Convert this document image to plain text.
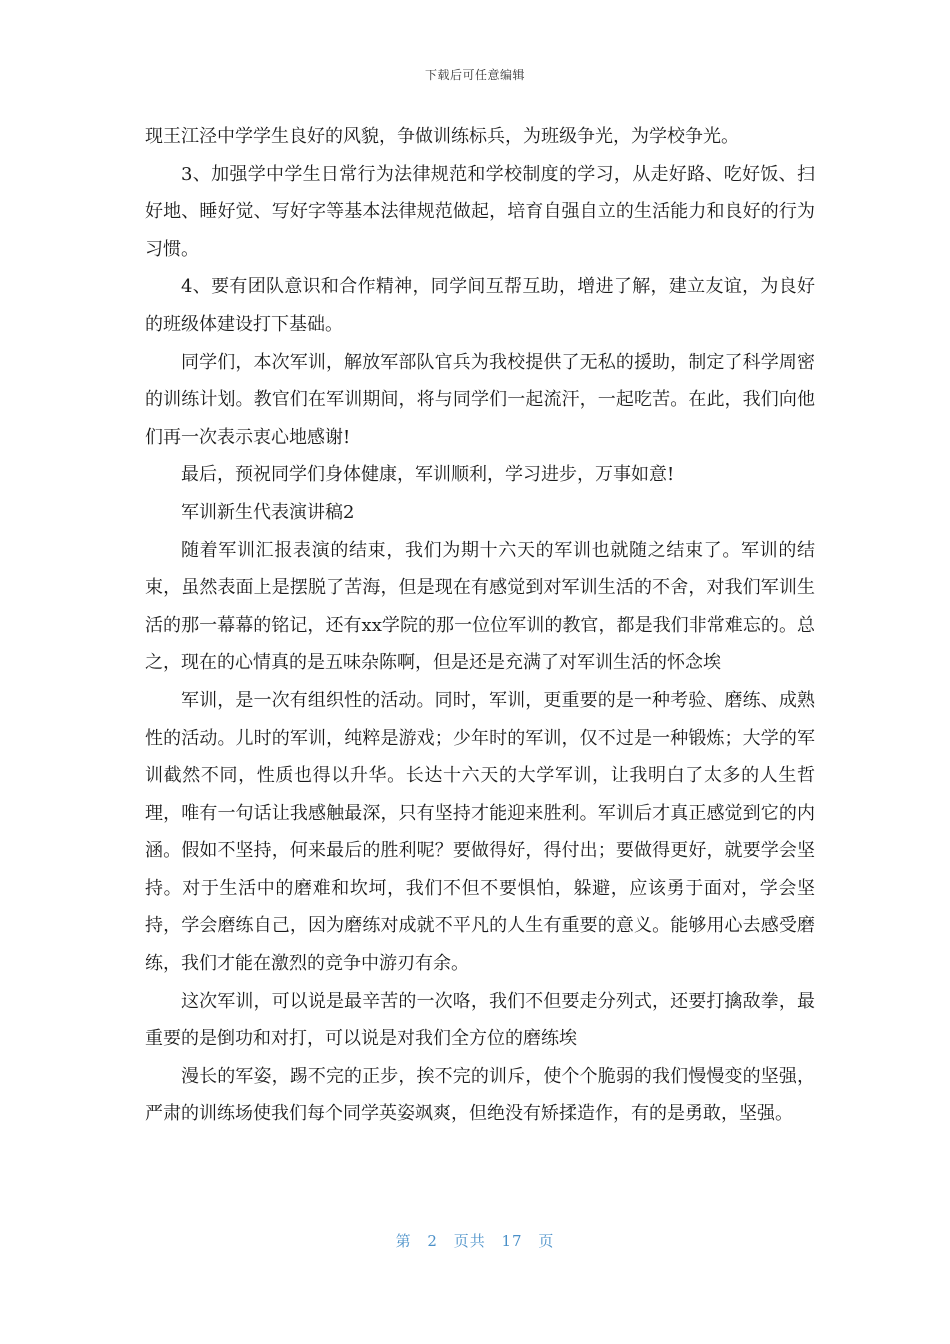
下载后可任意编辑

现王江泾中学学生良好的风貌，争做训练标兵，为班级争光，为学校争光。

3、加强学中学生日常行为法律规范和学校制度的学习，从走好路、吃好饭、扫好地、睡好觉、写好字等基本法律规范做起，培育自强自立的生活能力和良好的行为习惯。

4、要有团队意识和合作精神，同学间互帮互助，增进了解，建立友谊，为良好的班级体建设打下基础。

同学们，本次军训，解放军部队官兵为我校提供了无私的援助，制定了科学周密的训练计划。教官们在军训期间，将与同学们一起流汗，一起吃苦。在此，我们向他们再一次表示衷心地感谢!

最后，预祝同学们身体健康，军训顺利，学习进步，万事如意!

军训新生代表演讲稿2

随着军训汇报表演的结束，我们为期十六天的军训也就随之结束了。军训的结束，虽然表面上是摆脱了苦海，但是现在有感觉到对军训生活的不舍，对我们军训生活的那一幕幕的铭记，还有xx学院的那一位位军训的教官，都是我们非常难忘的。总之，现在的心情真的是五味杂陈啊，但是还是充满了对军训生活的怀念埃

军训，是一次有组织性的活动。同时，军训，更重要的是一种考验、磨练、成熟性的活动。儿时的军训，纯粹是游戏；少年时的军训，仅不过是一种锻炼；大学的军训截然不同，性质也得以升华。长达十六天的大学军训，让我明白了太多的人生哲理，唯有一句话让我感触最深，只有坚持才能迎来胜利。军训后才真正感觉到它的内涵。假如不坚持，何来最后的胜利呢？要做得好，得付出；要做得更好，就要学会坚持。对于生活中的磨难和坎坷，我们不但不要惧怕，躲避，应该勇于面对，学会坚持，学会磨练自己，因为磨练对成就不平凡的人生有重要的意义。能够用心去感受磨练，我们才能在激烈的竞争中游刃有余。

这次军训，可以说是最辛苦的一次咯，我们不但要走分列式，还要打擒敌拳，最重要的是倒功和对打，可以说是对我们全方位的磨练埃

漫长的军姿，踢不完的正步，挨不完的训斥，使个个脆弱的我们慢慢变的坚强，严肃的训练场使我们每个同学英姿飒爽，但绝没有矫揉造作，有的是勇敢，坚强。

第 2 页共 17 页
